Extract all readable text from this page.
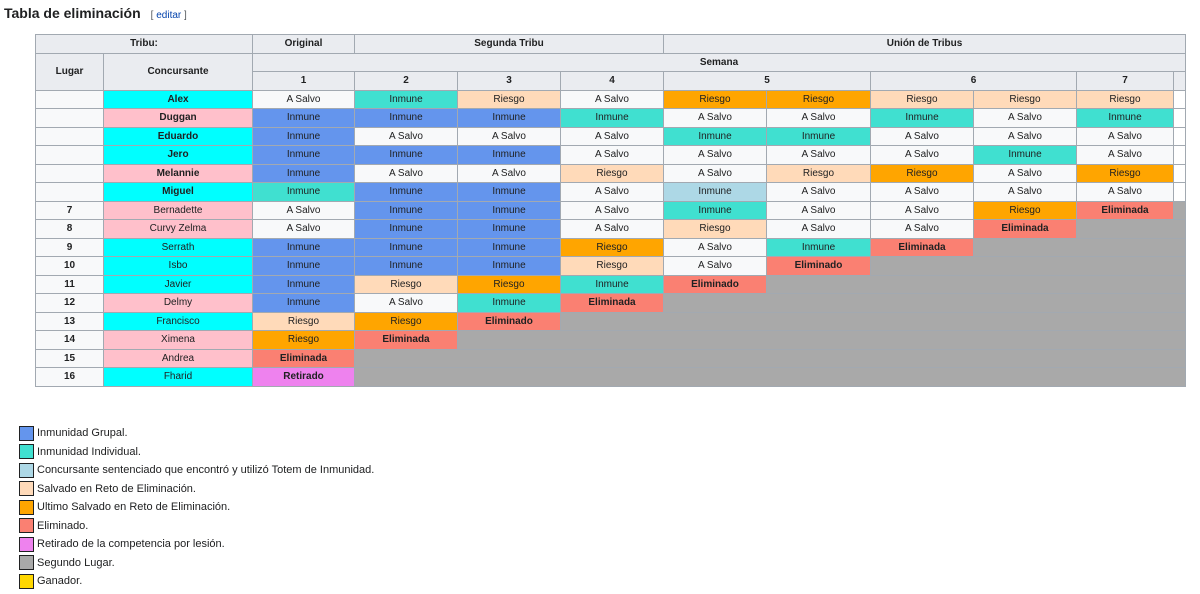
Tabla de eliminación [ editar ]
Tribu:		Original	Segunda Tribu			Unión de Tribus					
Lugar	Concursante	Semana									
		1	2	3	4	5		6		7	
	Alex	A Salvo	Inmune	Riesgo	A Salvo	Riesgo	Riesgo	Riesgo	Riesgo	Riesgo	
	Duggan	Inmune	Inmune	Inmune	Inmune	A Salvo	A Salvo	Inmune	A Salvo	Inmune	
	Eduardo	Inmune	A Salvo	A Salvo	A Salvo	Inmune	Inmune	A Salvo	A Salvo	A Salvo	
	Jero	Inmune	Inmune	Inmune	A Salvo	A Salvo	A Salvo	A Salvo	Inmune	A Salvo	
	Melannie	Inmune	A Salvo	A Salvo	Riesgo	A Salvo	Riesgo	Riesgo	A Salvo	Riesgo	
	Miguel	Inmune	Inmune	Inmune	A Salvo	Inmune	A Salvo	A Salvo	A Salvo	A Salvo	
7	Bernadette	A Salvo	Inmune	Inmune	A Salvo	Inmune	A Salvo	A Salvo	Riesgo	Eliminada	
8	Curvy Zelma	A Salvo	Inmune	Inmune	A Salvo	Riesgo	A Salvo	A Salvo	Eliminada		
9	Serrath	Inmune	Inmune	Inmune	Riesgo	A Salvo	Inmune	Eliminada			
10	Isbo	Inmune	Inmune	Inmune	Riesgo	A Salvo	Eliminado				
11	Javier	Inmune	Riesgo	Riesgo	Inmune	Eliminado					
12	Delmy	Inmune	A Salvo	Inmune	Eliminada						
13	Francisco	Riesgo	Riesgo	Eliminado							
14	Ximena	Riesgo	Eliminada								
15	Andrea	Eliminada									
16	Fharid	Retirado									
Inmunidad Grupal.
Inmunidad Individual.
Concursante sentenciado que encontró y utilizó Totem de Inmunidad.
Salvado en Reto de Eliminación.
Ultimo Salvado en Reto de Eliminación.
Eliminado.
Retirado de la competencia por lesión.
Segundo Lugar.
Ganador.
